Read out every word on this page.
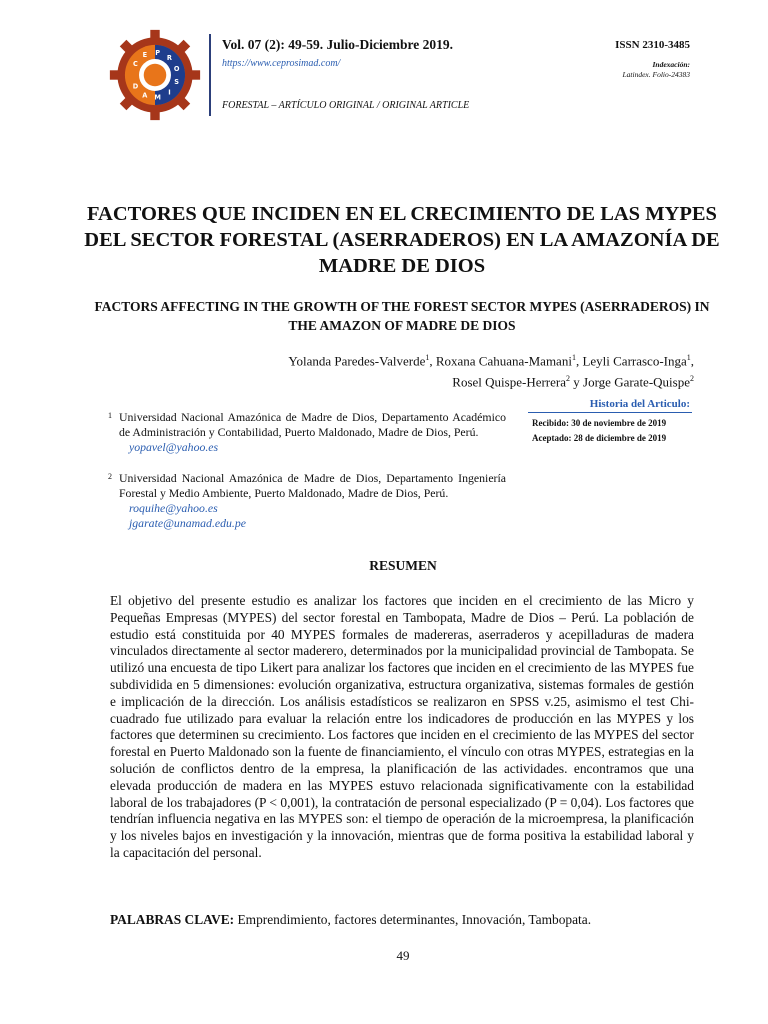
C
E P
R
O
S
I
M
A
D
Vol. 07 (2): 49-59. Julio-Diciembre 2019.
https://www.ceprosimad.com/
ISSN 2310-3485
Indexación:
Latindex. Folio-24383
FORESTAL – ARTÍCULO ORIGINAL / ORIGINAL ARTICLE
FACTORES QUE INCIDEN EN EL CRECIMIENTO DE LAS MYPES DEL SECTOR FORESTAL (ASERRADEROS) EN LA AMAZONÍA DE MADRE DE DIOS
FACTORS AFFECTING IN THE GROWTH OF THE FOREST SECTOR MYPES (ASERRADEROS) IN THE AMAZON OF MADRE DE DIOS
Yolanda Paredes-Valverde$^1$, Roxana Cahuana-Mamani$^1$, Leyli Carrasco-Inga$^1$,
Rosel Quispe-Herrera$^2$ y Jorge Garate-Quispe$^2$
1 Universidad Nacional Amazónica de Madre de Dios, Departamento Académico de Administración y Contabilidad, Puerto Maldonado, Madre de Dios, Perú.
yopavel@yahoo.es
2 Universidad Nacional Amazónica de Madre de Dios, Departamento Ingeniería Forestal y Medio Ambiente, Puerto Maldonado, Madre de Dios, Perú.
roquihe@yahoo.es
jgarate@unamad.edu.pe
Historia del Articulo:
Recibido: 30 de noviembre de 2019
Aceptado: 28 de diciembre de 2019
RESUMEN
El objetivo del presente estudio es analizar los factores que inciden en el crecimiento de las Micro y Pequeñas Empresas (MYPES) del sector forestal en Tambopata, Madre de Dios – Perú. La población de estudio está constituida por 40 MYPES formales de madereras, aserraderos y acepilladuras de madera vinculados directamente al sector maderero, determinados por la municipalidad provincial de Tambopata. Se utilizó una encuesta de tipo Likert para analizar los factores que inciden en el crecimiento de las MYPES fue subdividida en 5 dimensiones: evolución organizativa, estructura organizativa, sistemas formales de gestión e implicación de la dirección. Los análisis estadísticos se realizaron en SPSS v.25, asimismo el test Chi-cuadrado fue utilizado para evaluar la relación entre los indicadores de producción en las MYPES y los factores que determinen su crecimiento. Los factores que inciden en el crecimiento de las MYPES del sector forestal en Puerto Maldonado son la fuente de financiamiento, el vínculo con otras MYPES, estrategias en la solución de conflictos dentro de la empresa, la planificación de las actividades. encontramos que una elevada producción de madera en las MYPES estuvo relacionada significativamente con la estabilidad laboral de los trabajadores (P < 0,001), la contratación de personal especializado (P = 0,04). Los factores que tendrían influencia negativa en las MYPES son: el tiempo de operación de la microempresa, la planificación y los niveles bajos en investigación y la innovación, mientras que de forma positiva la estabilidad laboral y la capacitación del personal.
PALABRAS CLAVE: Emprendimiento, factores determinantes, Innovación, Tambopata.
49
